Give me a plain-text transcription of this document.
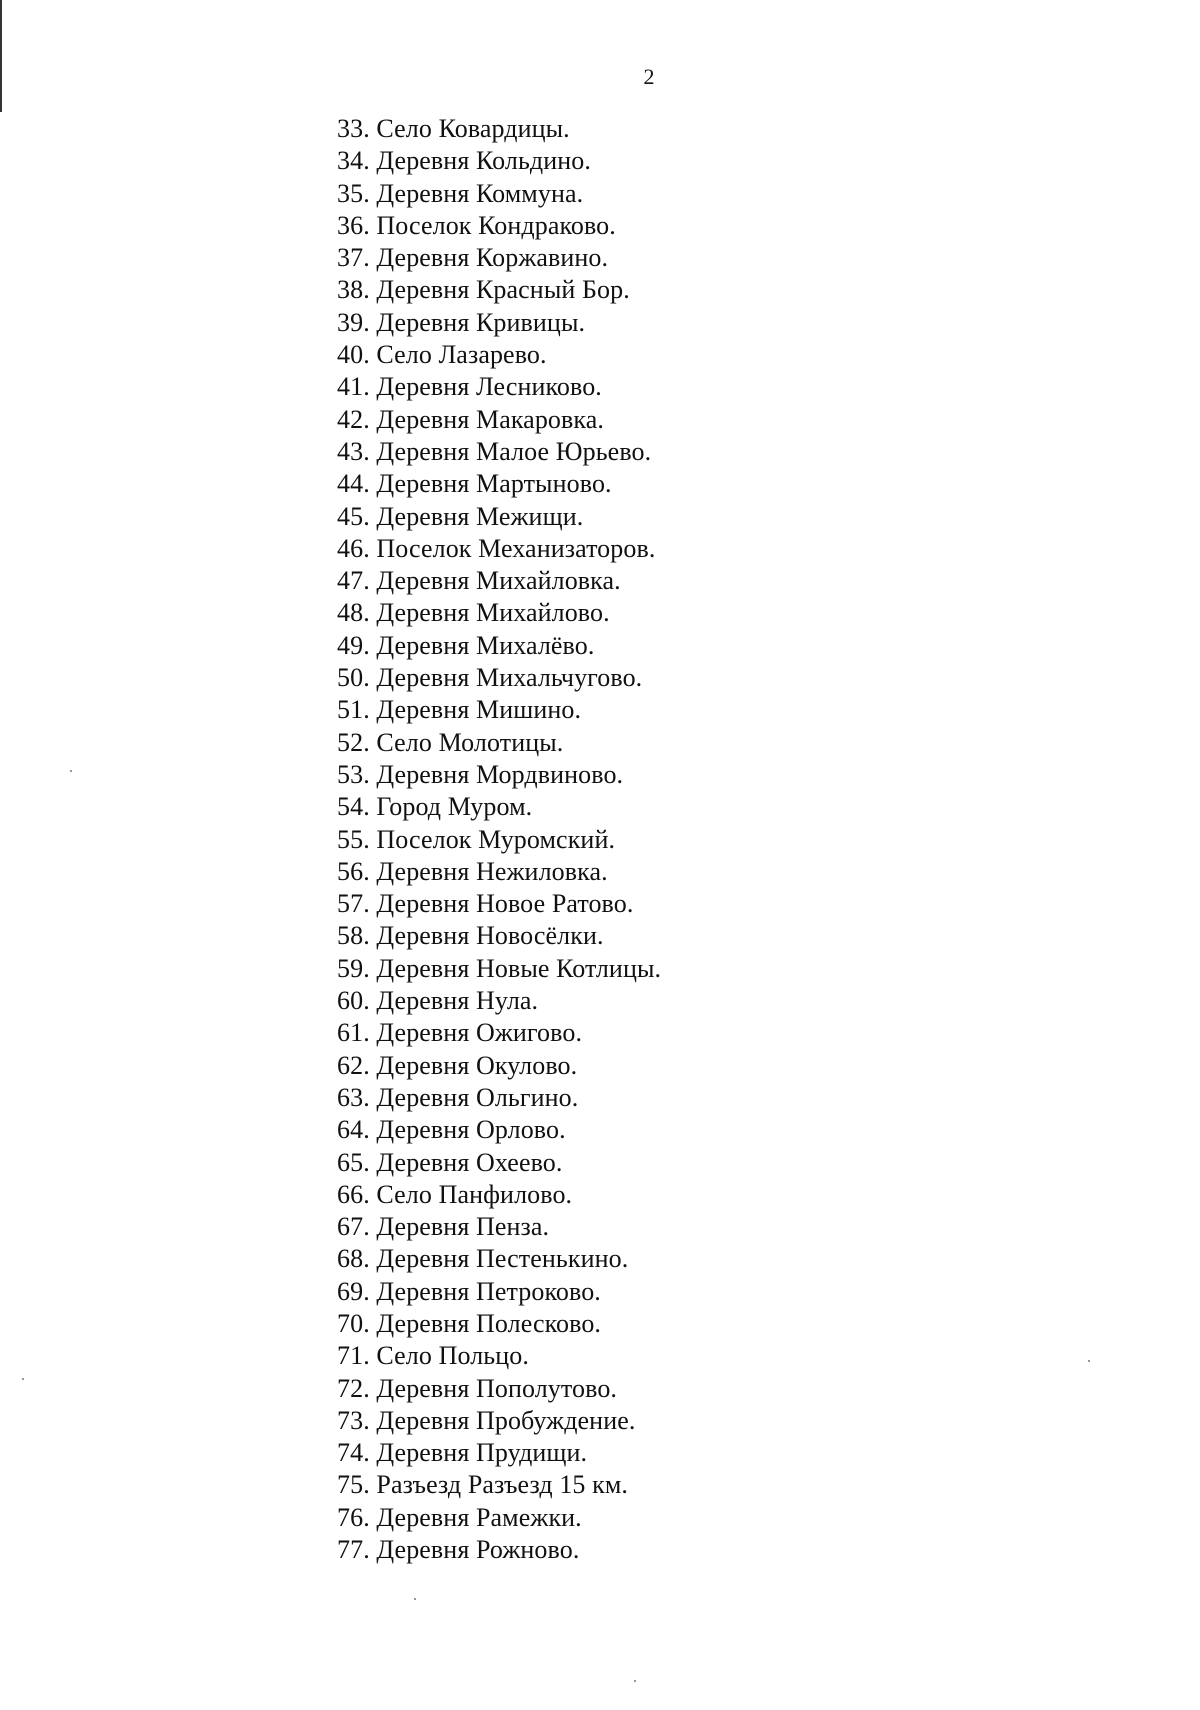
2
33. Село Ковардицы.
34. Деревня Кольдино.
35. Деревня Коммуна.
36. Поселок Кондраково.
37. Деревня Коржавино.
38. Деревня Красный Бор.
39. Деревня Кривицы.
40. Село Лазарево.
41. Деревня Лесниково.
42. Деревня Макаровка.
43. Деревня Малое Юрьево.
44. Деревня Мартыново.
45. Деревня Межищи.
46. Поселок Механизаторов.
47. Деревня Михайловка.
48. Деревня Михайлово.
49. Деревня Михалёво.
50. Деревня Михальчугово.
51. Деревня Мишино.
52. Село Молотицы.
53. Деревня Мордвиново.
54. Город Муром.
55. Поселок Муромский.
56. Деревня Нежиловка.
57. Деревня Новое Ратово.
58. Деревня Новосёлки.
59. Деревня Новые Котлицы.
60. Деревня Нула.
61. Деревня Ожигово.
62. Деревня Окулово.
63. Деревня Ольгино.
64. Деревня Орлово.
65. Деревня Охеево.
66. Село Панфилово.
67. Деревня Пенза.
68. Деревня Пестенькино.
69. Деревня Петроково.
70. Деревня Полесково.
71. Село Польцо.
72. Деревня Пополутово.
73. Деревня Пробуждение.
74. Деревня Прудищи.
75. Разъезд Разъезд 15 км.
76. Деревня Рамежки.
77. Деревня Рожново.
